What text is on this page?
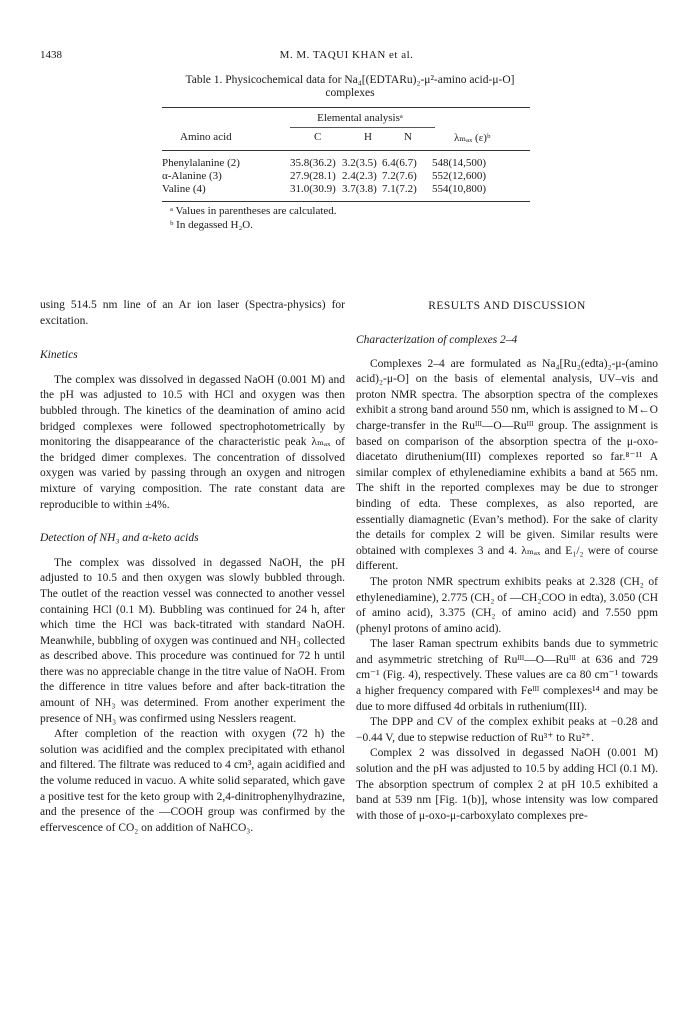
1438	M. M. TAQUI KHAN et al.
Table 1. Physicochemical data for Na₄[(EDTARu)₂-μ²-amino acid-μ-O]
complexes
Elemental analysisᵃ
Amino acid	C	H	N	λₘₐₓ (ε)ᵇ
Phenylalanine (2)	35.8(36.2)	3.2(3.5)	6.4(6.7)	548(14,500)
α-Alanine (3)	27.9(28.1)	2.4(2.3)	7.2(7.6)	552(12,600)
Valine (4)	31.0(30.9)	3.7(3.8)	7.1(7.2)	554(10,800)
ᵃ Values in parentheses are calculated.
ᵇ In degassed H₂O.

using 514.5 nm line of an Ar ion laser (Spectra-physics) for excitation.

Kinetics

The complex was dissolved in degassed NaOH (0.001 M) and the pH was adjusted to 10.5 with HCl and oxygen was then bubbled through. The kinetics of the deamination of amino acid bridged complexes were followed spectrophotometrically by monitoring the disappearance of the characteristic peak λₘₐₓ of the bridged dimer complexes. The concentration of dissolved oxygen was varied by passing through an oxygen and nitrogen mixture of varying composition. The rate constant data are reproducible to within ±4%.

Detection of NH₃ and α-keto acids

The complex was dissolved in degassed NaOH, the pH adjusted to 10.5 and then oxygen was slowly bubbled through. The outlet of the reaction vessel was connected to another vessel containing HCl (0.1 M). Bubbling was continued for 24 h, after which time the HCl was back-titrated with standard NaOH. Meanwhile, bubbling of oxygen was continued and NH₃ collected as described above. This procedure was continued for 72 h until there was no appreciable change in the titre value of NaOH. From the difference in titre values before and after back-titration the amount of NH₃ was determined. From another experiment the presence of NH₃ was confirmed using Nesslers reagent.

After completion of the reaction with oxygen (72 h) the solution was acidified and the complex precipitated with ethanol and filtered. The filtrate was reduced to 4 cm³, again acidified and the volume reduced in vacuo. A white solid separated, which gave a positive test for the keto group with 2,4-dinitrophenylhydrazine, and the presence of the —COOH group was confirmed by the effervescence of CO₂ on addition of NaHCO₃.

RESULTS AND DISCUSSION

Characterization of complexes 2–4

Complexes 2–4 are formulated as Na₄[Ru₂(edta)₂-μ-(amino acid)₂-μ-O] on the basis of elemental analysis, UV–vis and proton NMR spectra. The absorption spectra of the complexes exhibit a strong band around 550 nm, which is assigned to M←O charge-transfer in the Ruᴵᴵᴵ—O—Ruᴵᴵᴵ group. The assignment is based on comparison of the absorption spectra of the μ-oxo-diacetato diruthenium(III) complexes reported so far.⁸⁻¹¹ A similar complex of ethylenediamine exhibits a band at 565 nm. The shift in the reported complexes may be due to stronger binding of edta. These complexes, as also reported, are essentially diamagnetic (Evan’s method). For the sake of clarity the details for complex 2 will be given. Similar results were obtained with complexes 3 and 4. λₘₐₓ and E₁/₂ were of course different.

The proton NMR spectrum exhibits peaks at 2.328 (CH₂ of ethylenediamine), 2.775 (CH₂ of —CH₂COO in edta), 3.050 (CH of amino acid), 3.375 (CH₂ of amino acid) and 7.550 ppm (phenyl protons of amino acid).

The laser Raman spectrum exhibits bands due to symmetric and asymmetric stretching of Ruᴵᴵᴵ—O—Ruᴵᴵᴵ at 636 and 729 cm⁻¹ (Fig. 4), respectively. These values are ca 80 cm⁻¹ towards a higher frequency compared with Feᴵᴵᴵ complexes¹⁴ and may be due to more diffused 4d orbitals in ruthenium(III).

The DPP and CV of the complex exhibit peaks at −0.28 and −0.44 V, due to stepwise reduction of Ru³⁺ to Ru²⁺.

Complex 2 was dissolved in degassed NaOH (0.001 M) solution and the pH was adjusted to 10.5 by adding HCl (0.1 M). The absorption spectrum of complex 2 at pH 10.5 exhibited a band at 539 nm [Fig. 1(b)], whose intensity was low compared with those of μ-oxo-μ-carboxylato complexes pre-
